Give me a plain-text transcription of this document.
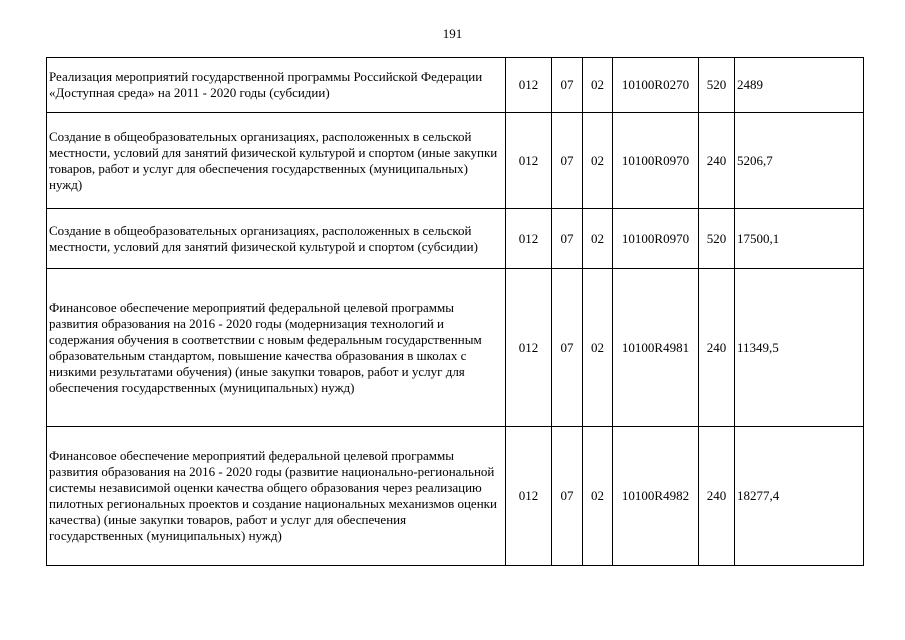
191
Реализация мероприятий государственной программы Российской Федерации «Доступная среда» на 2011 - 2020 годы (субсидии)	012	07	02	10100R0270	520	2489
Создание в общеобразовательных организациях, расположенных в сельской местности, условий для занятий физической культурой и спортом (иные закупки товаров, работ и услуг для обеспечения государственных (муниципальных) нужд)	012	07	02	10100R0970	240	5206,7
Создание в общеобразовательных организациях, расположенных в сельской местности, условий для занятий физической культурой и спортом (субсидии)	012	07	02	10100R0970	520	17500,1
Финансовое обеспечение мероприятий федеральной целевой программы развития образования на 2016 - 2020 годы (модернизация технологий и содержания обучения в соответствии с новым федеральным государственным образовательным стандартом, повышение качества образования в школах с низкими результатами обучения) (иные закупки товаров, работ и услуг для обеспечения государственных (муниципальных) нужд)	012	07	02	10100R4981	240	11349,5
Финансовое обеспечение мероприятий федеральной целевой программы развития образования на 2016 - 2020 годы (развитие национально-региональной системы независимой оценки качества общего образования через реализацию пилотных региональных проектов и создание национальных механизмов оценки качества) (иные закупки товаров, работ и услуг для обеспечения государственных (муниципальных) нужд)	012	07	02	10100R4982	240	18277,4
